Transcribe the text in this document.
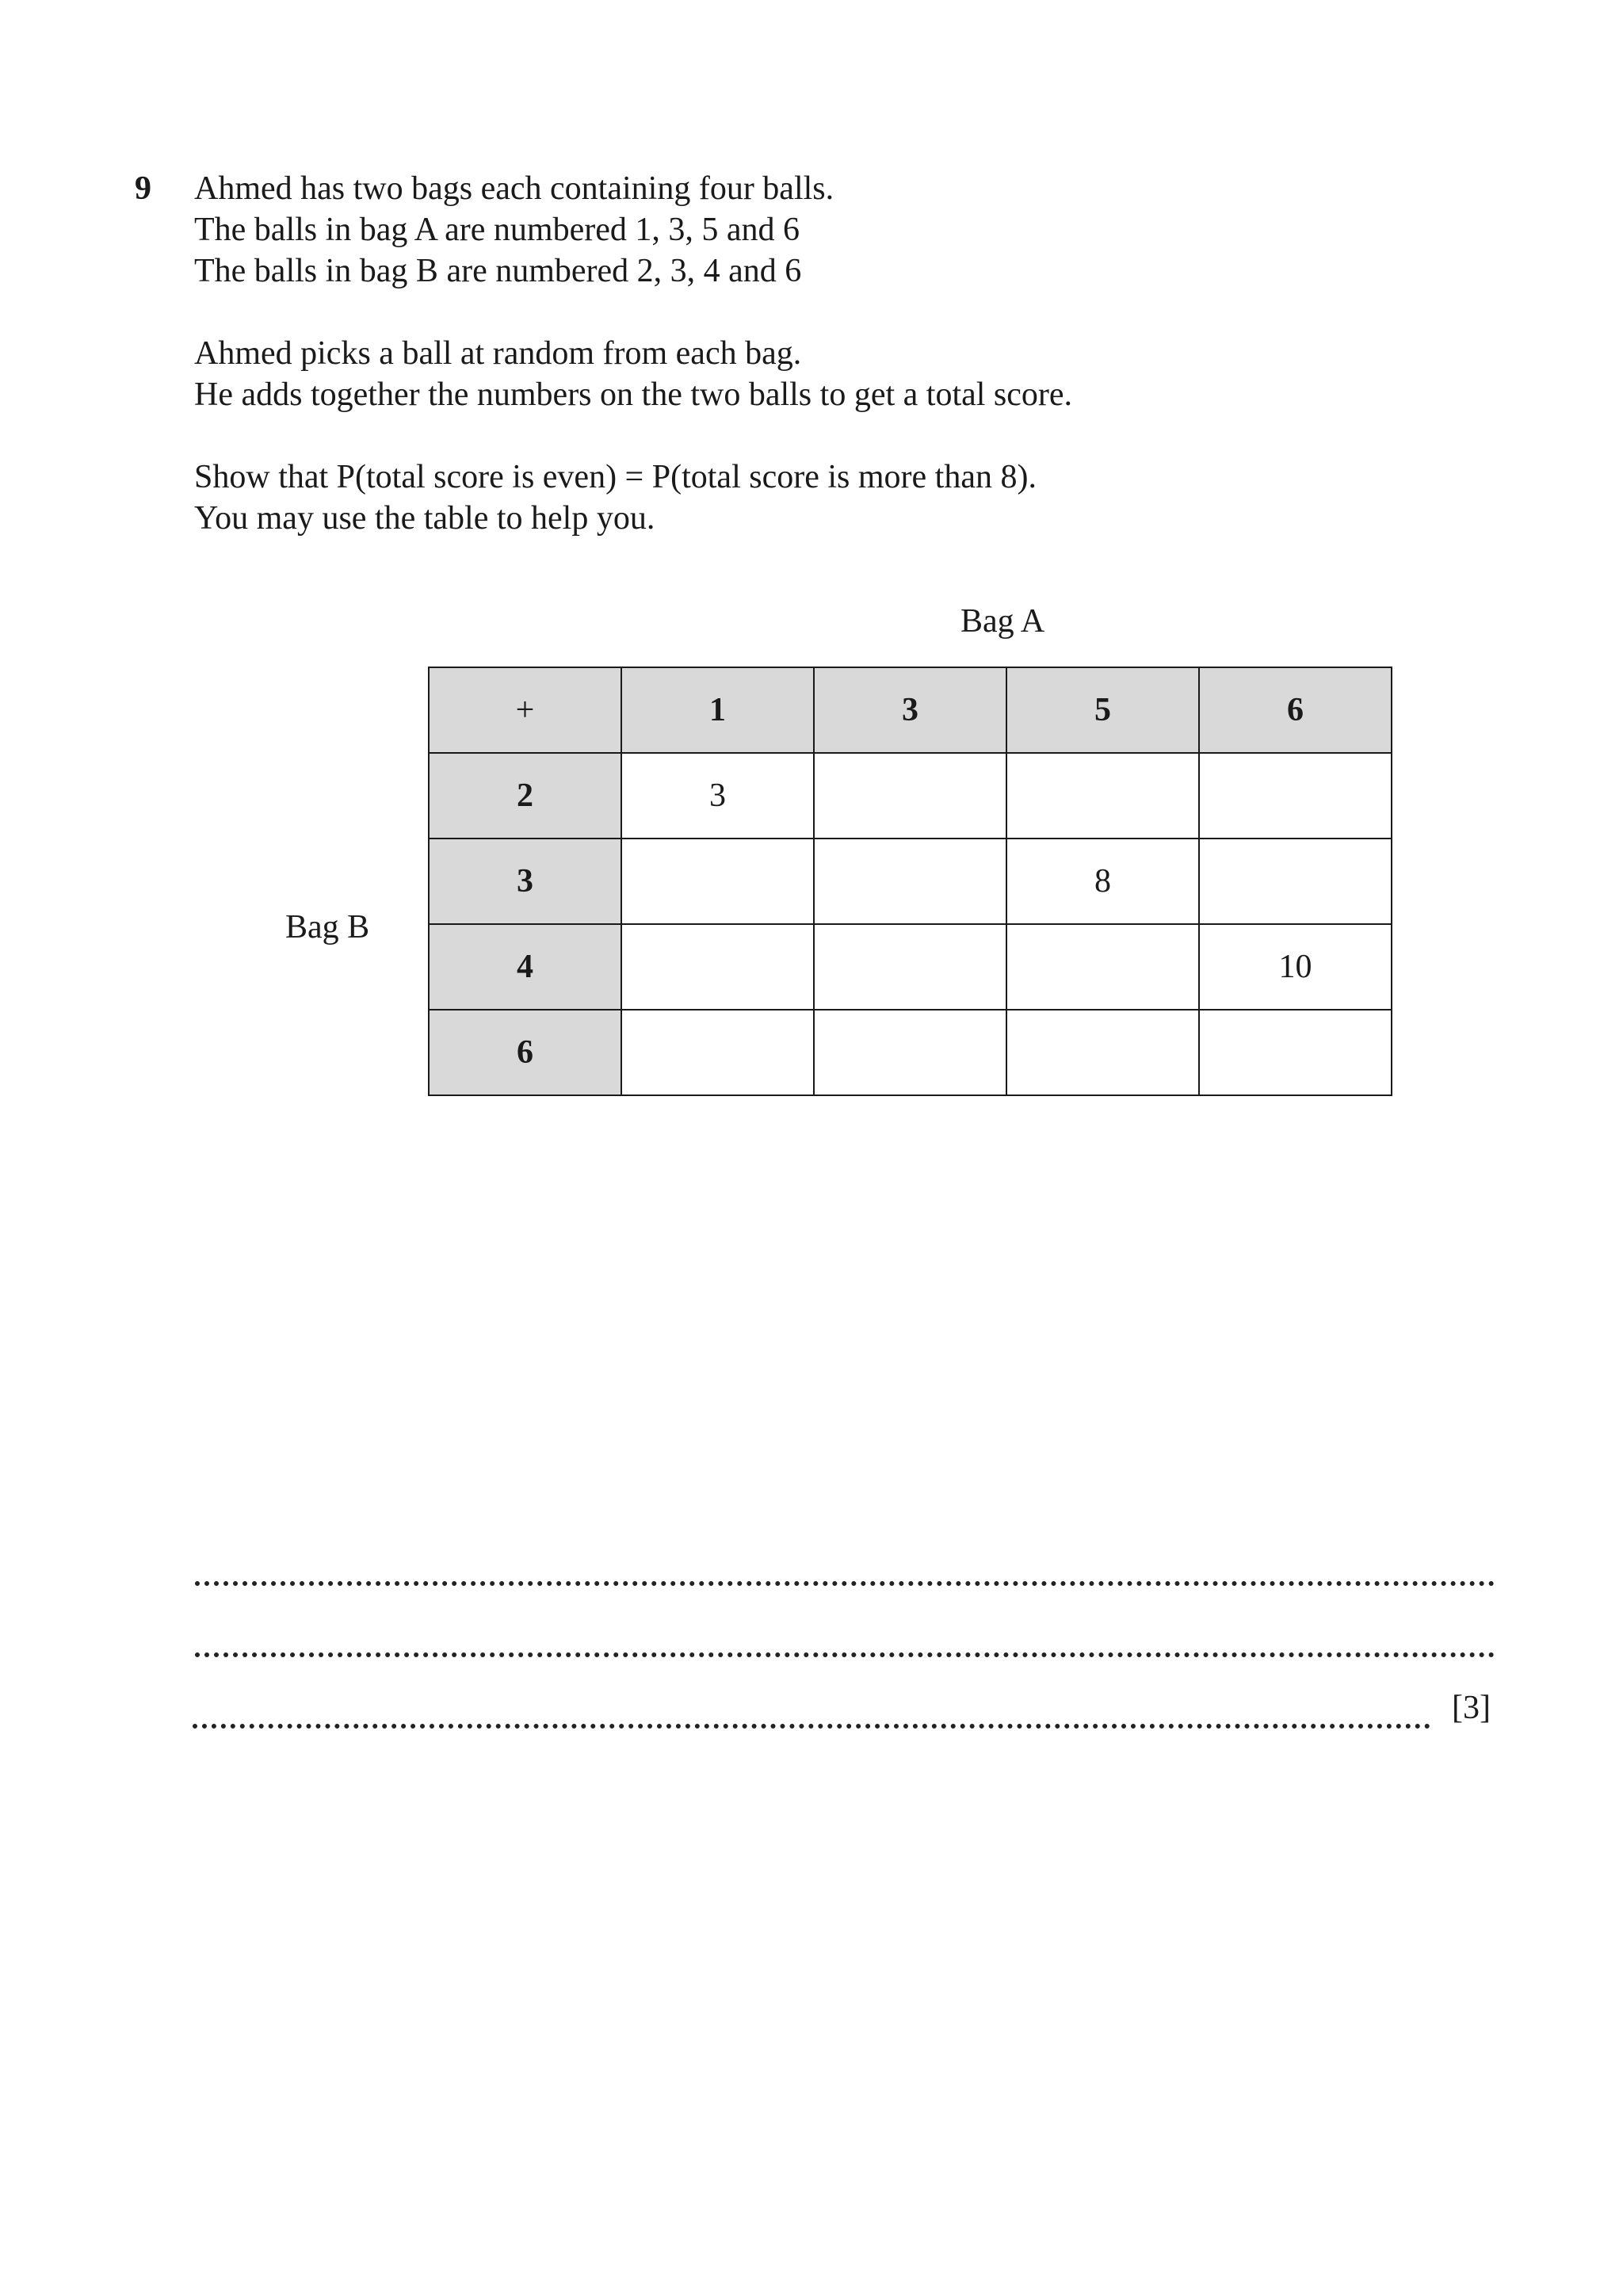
9 Ahmed has two bags each containing four balls.
The balls in bag A are numbered 1, 3, 5 and 6
The balls in bag B are numbered 2, 3, 4 and 6
Ahmed picks a ball at random from each bag.
He adds together the numbers on the two balls to get a total score.
Show that P(total score is even) = P(total score is more than 8).
You may use the table to help you.
Bag A
Bag B
+	1	3	5	6
2	3			
3			8	
4				10
6				
[3]
